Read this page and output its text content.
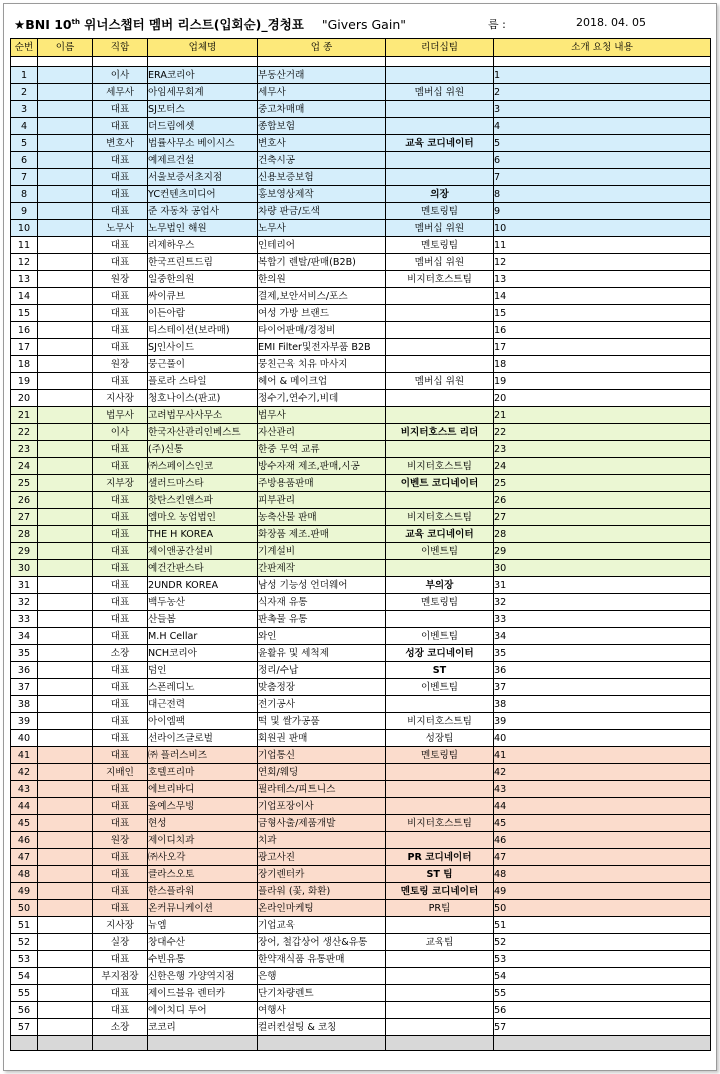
★BNI 10th 위너스챕터 멤버 리스트(입회순)_경청표 "Givers Gain"	름 :	2018. 04. 05
순번	이름	직함	업체명	업 종	리더십팀	소개 요청 내용

1		이사	ERA코리아	부동산거래		1
2		세무사	아임세무회계	세무사	멤버십 위원	2
3		대표	SJ모터스	중고차매매		3
4		대표	더드림에셋	종합보험		4
5		변호사	법률사무소 베이시스	변호사	교육 코디네이터	5
6		대표	예제르건설	건축시공		6
7		대표	서울보증서초지점	신용보증보험		7
8		대표	YC컨텐츠미디어	홍보영상제작	의장	8
9		대표	준 자동차 공업사	차량 판금/도색	멘토링팀	9
10		노무사	노무법인 해원	노무사	멤버십 위원	10
11		대표	리제하우스	인테리어	멘토링팀	11
12		대표	한국프린트드림	복합기 렌탈/판매(B2B)	멤버십 위원	12
13		원장	일중한의원	한의원	비지터호스트팀	13
14		대표	싸이큐브	결제,보안서비스/포스		14
15		대표	이든아람	여성 가방 브랜드		15
16		대표	티스테이션(보라매)	타이어판매/경정비		16
17		대표	SJ인사이드	EMI Filter및전자부품 B2B		17
18		원장	뭉근풀이	뭉친근육 치유 마사지		18
19		대표	플로라 스타일	헤어 & 메이크업	멤버십 위원	19
20		지사장	청호나이스(판교)	정수기,연수기,비데		20
21		법무사	고려법무사사무소	법무사		21
22		이사	한국자산관리인베스트	자산관리	비지터호스트 리더	22
23		대표	(주)신통	한중 무역 교류		23
24		대표	㈜스페이스인코	방수자재 제조,판매,시공	비지터호스트팀	24
25		지부장	샐러드마스타	주방용품판매	이벤트 코디네이터	25
26		대표	핫탄스킨앤스파	피부관리		26
27		대표	엠마오 농업법인	농축산물 판매	비지터호스트팀	27
28		대표	THE H KOREA	화장품 제조.판매	교육 코디네이터	28
29		대표	제이앤공간설비	기계설비	이벤트팀	29
30		대표	예건간판스타	간판제작		30
31		대표	2UNDR KOREA	남성 기능성 언더웨어	부의장	31
32		대표	백두농산	식자재 유통	멘토링팀	32
33		대표	산들봄	판촉물 유통		33
34		대표	M.H Cellar	와인	이벤트팀	34
35		소장	NCH코리아	윤활유 및 세척제	성장 코디네이터	35
36		대표	덤인	정리/수납	ST	36
37		대표	스폰레디노	맞춤정장	이벤트팀	37
38		대표	대근전력	전기공사		38
39		대표	아이엠팩	떡 및 쌀가공품	비지터호스트팀	39
40		대표	선라이즈글로벌	회원권 판매	성장팀	40
41		대표	㈜ 플러스비즈	기업통신	멘토링팀	41
42		지배인	호텔프리마	연회/웨딩		42
43		대표	에브리바디	필라테스/피트니스		43
44		대표	올예스무빙	기업포장이사		44
45		대표	현성	금형사출/제품개발	비지터호스트팀	45
46		원장	제이디치과	치과		46
47		대표	㈜사오각	광고사진	PR 코디네이터	47
48		대표	클라스오토	장기렌터카	ST 팀	48
49		대표	한스플라워	플라워 (꽃, 화환)	멘토링 코디네이터	49
50		대표	온커뮤니케이션	온라인마케팅	PR팀	50
51		지사장	뉴엠	기업교육		51
52		실장	창대수산	장어, 철갑상어 생산&유통	교육팀	52
53		대표	수빈유통	한약재식품 유통판매		53
54		부지점장	신한은행 가양역지점	은행		54
55		대표	제이드블유 렌터카	단기차량렌트		55
56		대표	에이치디 투어	여행사		56
57		소장	코코리	컬러컨설팅 & 코칭		57
